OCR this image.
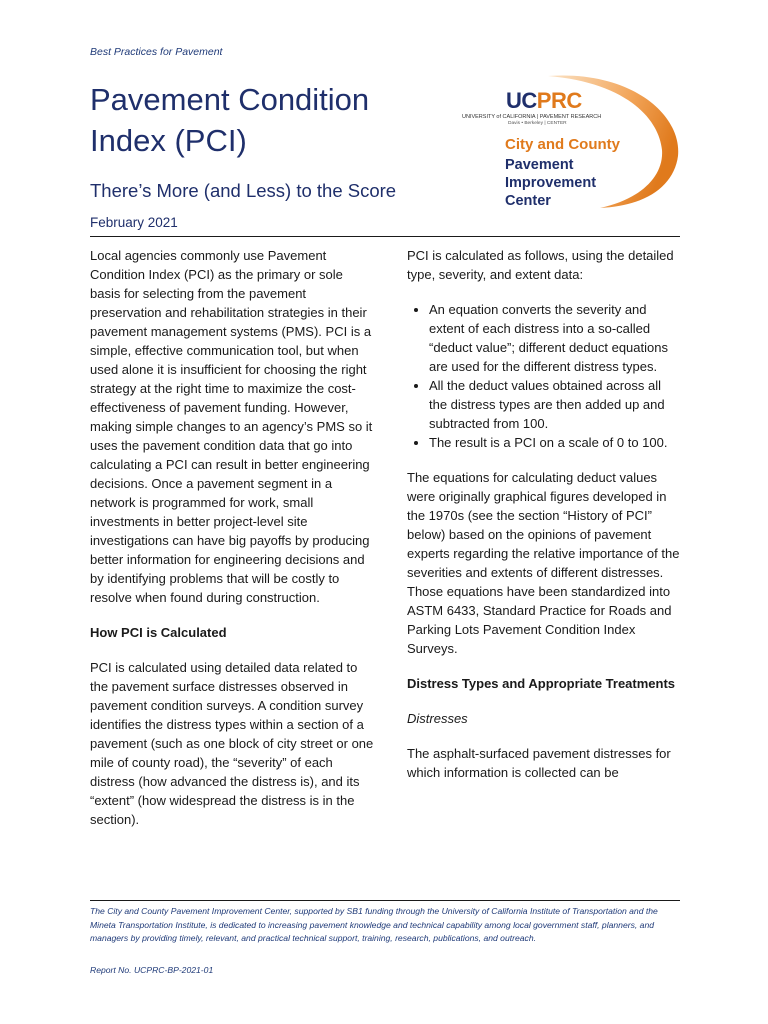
Best Practices for Pavement
Pavement Condition
Index (PCI)
There’s More (and Less) to the Score
February 2021
UCPRC
UNIVERSITY of CALIFORNIA | PAVEMENT RESEARCH
Davis • Berkeley | CENTER
City and County
Pavement
Improvement
Center

Local agencies commonly use Pavement Condition Index (PCI) as the primary or sole basis for selecting from the pavement preservation and rehabilitation strategies in their pavement management systems (PMS). PCI is a simple, effective communication tool, but when used alone it is insufficient for choosing the right strategy at the right time to maximize the cost-effectiveness of pavement funding. However, making simple changes to an agency’s PMS so it uses the pavement condition data that go into calculating a PCI can result in better engineering decisions. Once a pavement segment in a network is programmed for work, small investments in better project-level site investigations can have big payoffs by producing better information for engineering decisions and by identifying problems that will be costly to resolve when found during construction.

How PCI is Calculated

PCI is calculated using detailed data related to the pavement surface distresses observed in pavement condition surveys. A condition survey identifies the distress types within a section of a pavement (such as one block of city street or one mile of county road), the “severity” of each distress (how advanced the distress is), and its “extent” (how widespread the distress is in the section).

PCI is calculated as follows, using the detailed type, severity, and extent data:

• An equation converts the severity and extent of each distress into a so-called “deduct value”; different deduct equations are used for the different distress types.
• All the deduct values obtained across all the distress types are then added up and subtracted from 100.
• The result is a PCI on a scale of 0 to 100.

The equations for calculating deduct values were originally graphical figures developed in the 1970s (see the section “History of PCI” below) based on the opinions of pavement experts regarding the relative importance of the severities and extents of different distresses. Those equations have been standardized into ASTM 6433, Standard Practice for Roads and Parking Lots Pavement Condition Index Surveys.

Distress Types and Appropriate Treatments
Distresses

The asphalt-surfaced pavement distresses for which information is collected can be

The City and County Pavement Improvement Center, supported by SB1 funding through the University of California Institute of Transportation and the Mineta Transportation Institute, is dedicated to increasing pavement knowledge and technical capability among local government staff, planners, and managers by providing timely, relevant, and practical technical support, training, research, publications, and outreach.
Report No. UCPRC-BP-2021-01
